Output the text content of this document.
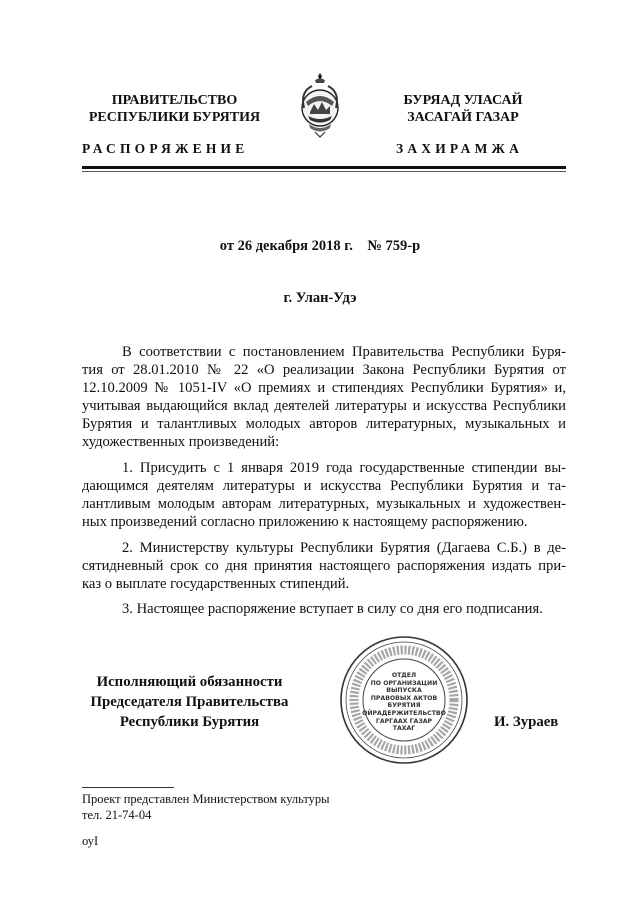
ПРАВИТЕЛЬСТВО
РЕСПУБЛИКИ БУРЯТИЯ
БУРЯАД УЛАСАЙ
ЗАСАГАЙ ГАЗАР
РАСПОРЯЖЕНИЕ	ЗАХИРАМЖА
от 26 декабря 2018 г.    № 759-р
г. Улан-Удэ
В соответствии с постановлением Правительства Республики Буря-
тия от 28.01.2010 № 22 «О реализации Закона Республики Бурятия от
12.10.2009 № 1051-IV «О премиях и стипендиях Республики Бурятия» и,
учитывая выдающийся вклад деятелей литературы и искусства Республики
Бурятия и талантливых молодых авторов литературных, музыкальных и
художественных произведений:
1. Присудить с 1 января 2019 года государственные стипендии вы-
дающимся деятелям литературы и искусства Республики Бурятия и та-
лантливым молодым авторам литературных, музыкальных и художествен-
ных произведений согласно приложению к настоящему распоряжению.
2. Министерству культуры Республики Бурятия (Дагаева С.Б.) в де-
сятидневный срок со дня принятия настоящего распоряжения издать при-
каз о выплате государственных стипендий.
3. Настоящее распоряжение вступает в силу со дня его подписания.
Исполняющий обязанности
Председателя Правительства
Республики Бурятия
ОТДЕЛ
ПО ОРГАНИЗАЦИИ
ВЫПУСКА
ПРАВОВЫХ АКТОВ
БУРЯТИЯ
ОЙРАДЕРЖИТЕЛЬСТВО
ГАРГААХ ГАЗАР
ТАХАГ	И. Зураев
Проект представлен Министерством культуры
тел. 21-74-04
оуI
